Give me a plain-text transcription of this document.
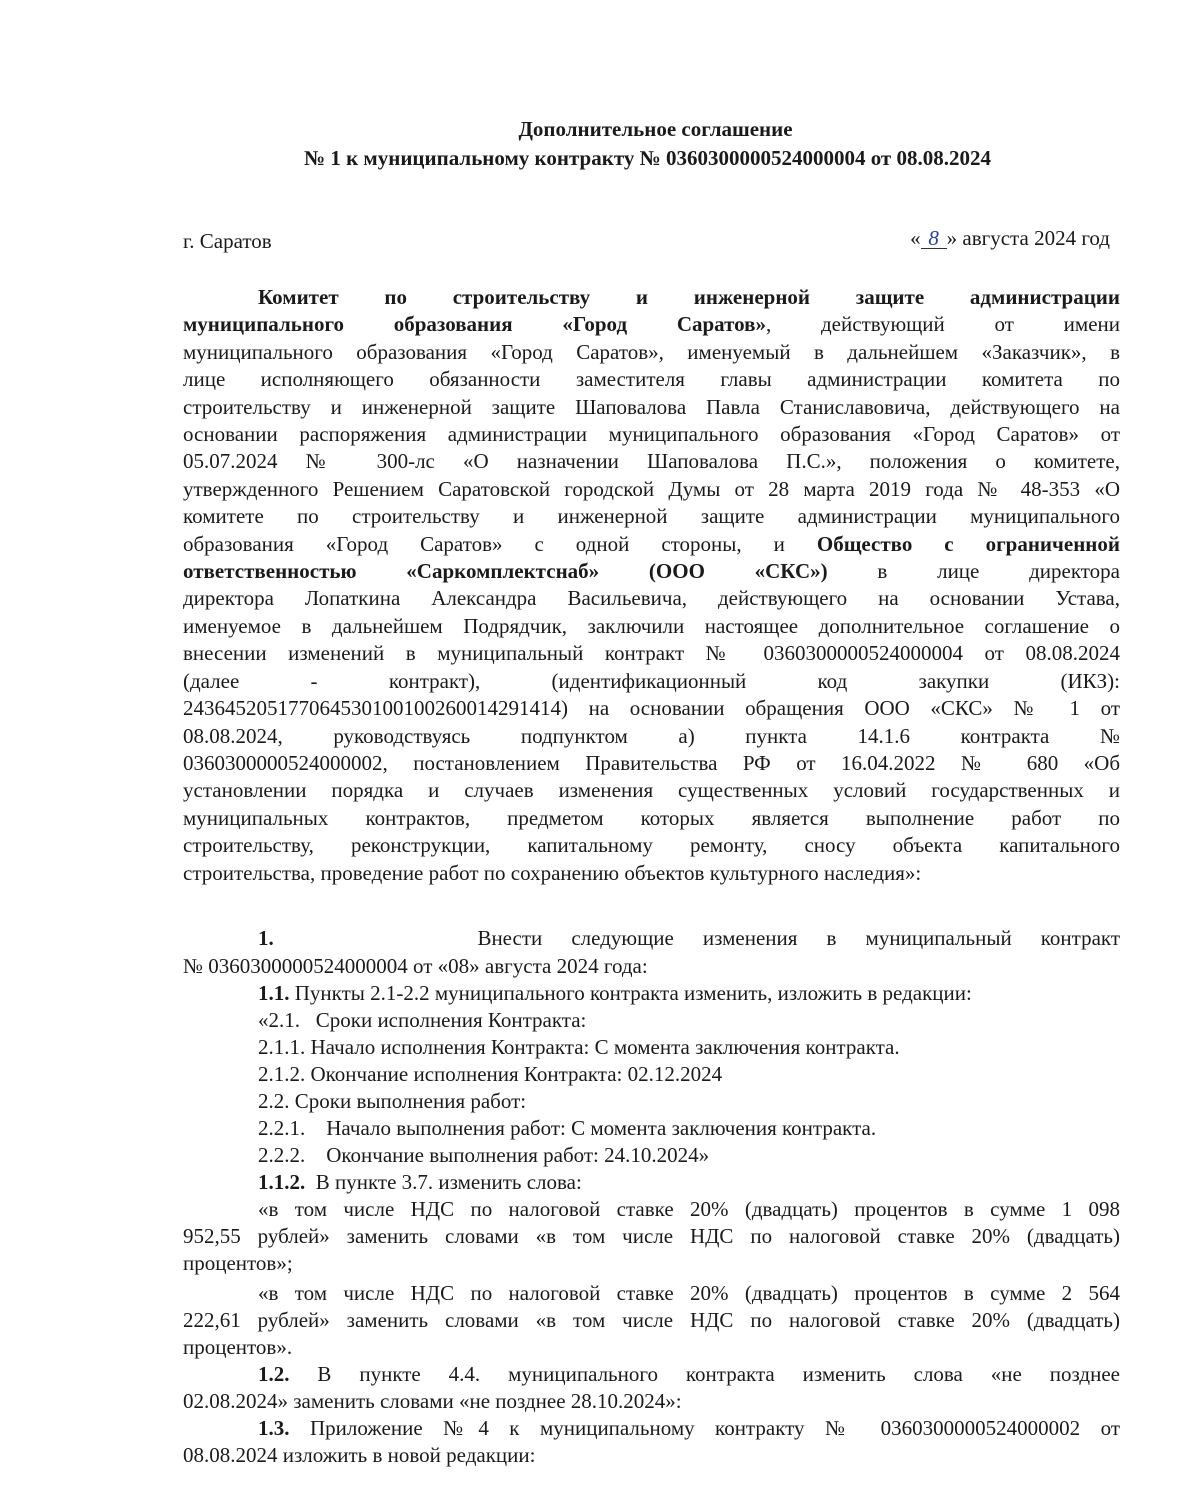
Дополнительное соглашение
№ 1 к муниципальному контракту № 0360300000524000004 от 08.08.2024
г. Саратов	« 8 » августа 2024 год
Комитет по строительству и инженерной защите администрации
муниципального образования «Город Саратов», действующий от имени
муниципального образования «Город Саратов», именуемый в дальнейшем «Заказчик», в
лице исполняющего обязанности заместителя главы администрации комитета по
строительству и инженерной защите Шаповалова Павла Станиславовича, действующего на
основании распоряжения администрации муниципального образования «Город Саратов» от
05.07.2024 № 300-лс «О назначении Шаповалова П.С.», положения о комитете,
утвержденного Решением Саратовской городской Думы от 28 марта 2019 года № 48-353 «О
комитете по строительству и инженерной защите администрации муниципального
образования «Город Саратов» с одной стороны, и Общество с ограниченной
ответственностью «Саркомплектснаб» (ООО «СКС») в лице директора
директора Лопаткина Александра Васильевича, действующего на основании Устава,
именуемое в дальнейшем Подрядчик, заключили настоящее дополнительное соглашение о
внесении изменений в муниципальный контракт № 0360300000524000004 от 08.08.2024
(далее - контракт), (идентификационный код закупки (ИКЗ):
243645205177064530100100260014291414) на основании обращения ООО «СКС» № 1 от
08.08.2024, руководствуясь подпунктом а) пункта 14.1.6 контракта №
0360300000524000002, постановлением Правительства РФ от 16.04.2022 № 680 «Об
установлении порядка и случаев изменения существенных условий государственных и
муниципальных контрактов, предметом которых является выполнение работ по
строительству, реконструкции, капитальному ремонту, сносу объекта капитального
строительства, проведение работ по сохранению объектов культурного наследия»:
1.	Внести следующие изменения в муниципальный контракт
№ 0360300000524000004 от «08» августа 2024 года:
1.1. Пункты 2.1-2.2 муниципального контракта изменить, изложить в редакции:
«2.1.   Сроки исполнения Контракта:
2.1.1. Начало исполнения Контракта: С момента заключения контракта.
2.1.2. Окончание исполнения Контракта: 02.12.2024
2.2. Сроки выполнения работ:
2.2.1.    Начало выполнения работ: С момента заключения контракта.
2.2.2.    Окончание выполнения работ: 24.10.2024»
1.1.2.  В пункте 3.7. изменить слова:
«в том числе НДС по налоговой ставке 20% (двадцать) процентов в сумме 1 098
952,55 рублей» заменить словами «в том числе НДС по налоговой ставке 20% (двадцать)
процентов»;
«в том числе НДС по налоговой ставке 20% (двадцать) процентов в сумме 2 564
222,61 рублей» заменить словами «в том числе НДС по налоговой ставке 20% (двадцать)
процентов».
1.2. В пункте 4.4. муниципального контракта изменить слова «не позднее
02.08.2024» заменить словами «не позднее 28.10.2024»:
1.3. Приложение №4 к муниципальному контракту № 0360300000524000002 от
08.08.2024 изложить в новой редакции:
